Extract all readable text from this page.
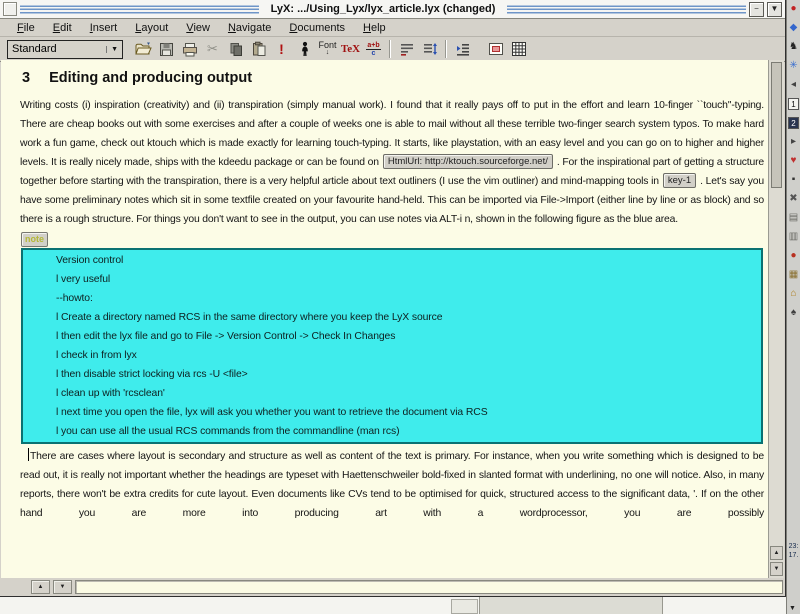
LyX: .../Using_Lyx/lyx_article.lyx (changed)	−	▼
File	Edit	Insert	Layout	View	Navigate	Documents	Help
Standard	▼	✂	!	Font
↓	TeX $\frac{a+b}{c}$
3 Editing and producing output

Writing costs (i) inspiration (creativity) and (ii) transpiration (simply manual work). I found that it really pays off to put in the effort and learn 10-finger ``touch''-typing. There are cheap books out with some exercises and after a couple of weeks one is able to mail without all these terrible two-finger search system typos. To make hard work a fun game, check out ktouch which is made exactly for learning touch-typing. It starts, like playstation, with an easy level and you can go on to higher and higher levels. It is really nicely made, ships with the kdeedu package or can be found on HtmlUrl: http://ktouch.sourceforge.net/ . For the inspirational part of getting a structure together before starting with the transpiration, there is a very helpful article about text outliners (I use the vim outliner) and mind-mapping tools in key-1 . Let's say you have some preliminary notes which sit in some textfile created on your favourite hand-held. This can be imported via File->Import (either line by line or as block) and so there is a rough structure. For things you don't want to see in the output, you can use notes via ALT-i n, shown in the following figure as the blue area.

note
Version control
l very useful
--howto:
l Create a directory named RCS in the same directory where you keep the LyX source
l then edit the lyx file and go to File -> Version Control -> Check In Changes
l check in from lyx
l then disable strict locking via rcs -U <file>
l clean up with 'rcsclean'
l next time you open the file, lyx will ask you whether you want to retrieve the document via RCS
l you can use all the usual RCS commands from the commandline (man rcs)

There are cases where layout is secondary and structure as well as content of the text is primary. For instance, when you write something which is designed to be read out, it is really not important whether the headings are typeset with Haettenschweiler bold-fixed in slanted format with underlining, no one will notice. Also, in many reports, there won't be extra credits for cute layout. Even documents like CVs tend to be optimised for quick, structured access to the significant data, '. If on the other hand you are more into producing art with a wordprocessor, you are possibly

▲
▼
▲	▼
●
◆
♞
✳
◂
1
2
▸
♥
▪
✖
▤
▥
●
▦
⌂
♠
23:
17.
▼
